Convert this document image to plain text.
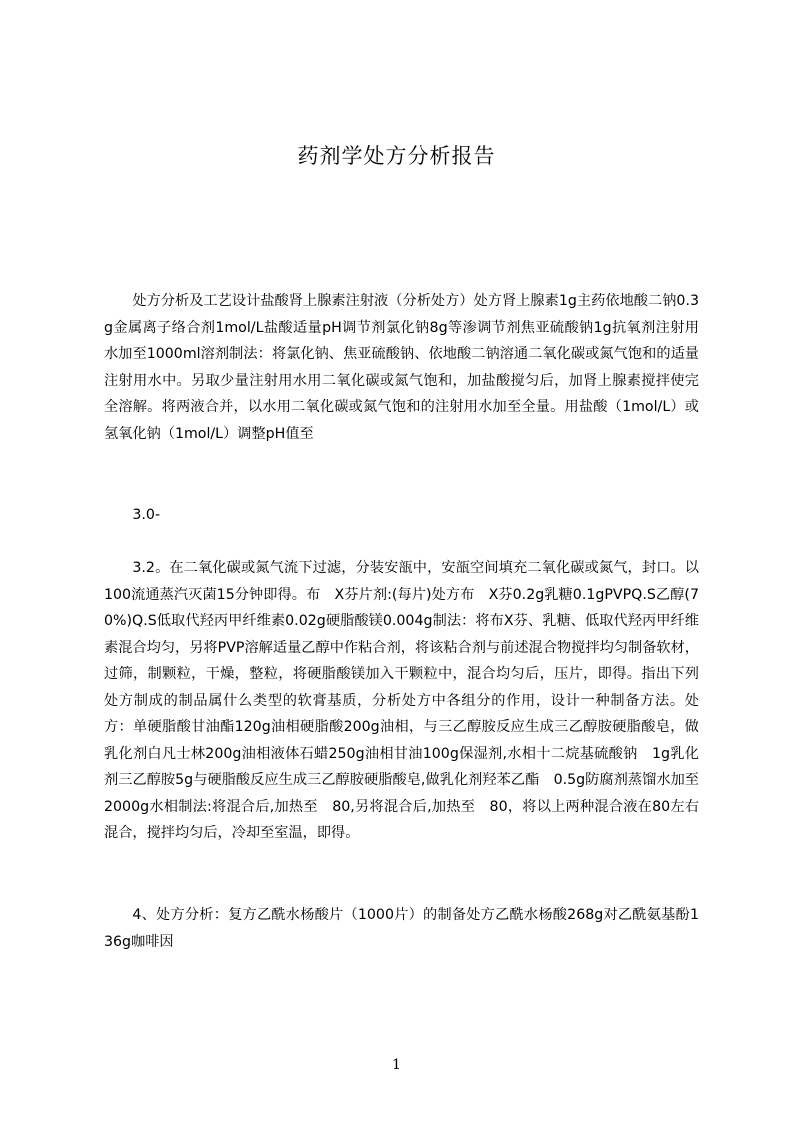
药剂学处方分析报告

处方分析及工艺设计盐酸肾上腺素注射液（分析处方）处方肾上腺素1g主药依地酸二钠0.3g金属离子络合剂1mol/L盐酸适量pH调节剂氯化钠8g等渗调节剂焦亚硫酸钠1g抗氧剂注射用水加至1000ml溶剂制法：将氯化钠、焦亚硫酸钠、依地酸二钠溶通二氧化碳或氮气饱和的适量注射用水中。另取少量注射用水用二氧化碳或氮气饱和，加盐酸搅匀后，加肾上腺素搅拌使完全溶解。将两液合并，以水用二氧化碳或氮气饱和的注射用水加至全量。用盐酸（1mol/L）或氢氧化钠（1mol/L）调整pH值至

3.0-

3.2。在二氧化碳或氮气流下过滤，分装安瓿中，安瓿空间填充二氧化碳或氮气，封口。以100流通蒸汽灭菌15分钟即得。布　X芬片剂:(每片)处方布　X芬0.2g乳糖0.1gPVPQ.S乙醇(70%)Q.S低取代羟丙甲纤维素0.02g硬脂酸镁0.004g制法：将布X芬、乳糖、低取代羟丙甲纤维素混合均匀，另将PVP溶解适量乙醇中作粘合剂，将该粘合剂与前述混合物搅拌均匀制备软材，过筛，制颗粒，干燥，整粒，将硬脂酸镁加入干颗粒中，混合均匀后，压片，即得。指出下列处方制成的制品属什么类型的软膏基质，分析处方中各组分的作用，设计一种制备方法。处方：单硬脂酸甘油酯120g油相硬脂酸200g油相，与三乙醇胺反应生成三乙醇胺硬脂酸皂，做乳化剂白凡士林200g油相液体石蜡250g油相甘油100g保湿剂,水相十二烷基硫酸钠　1g乳化剂三乙醇胺5g与硬脂酸反应生成三乙醇胺硬脂酸皂,做乳化剂羟苯乙酯　0.5g防腐剂蒸馏水加至2000g水相制法:将混合后,加热至　80,另将混合后,加热至　80，将以上两种混合液在80左右混合，搅拌均匀后，冷却至室温，即得。

4、处方分析：复方乙酰水杨酸片（1000片）的制备处方乙酰水杨酸268g对乙酰氨基酚136g咖啡因

1
